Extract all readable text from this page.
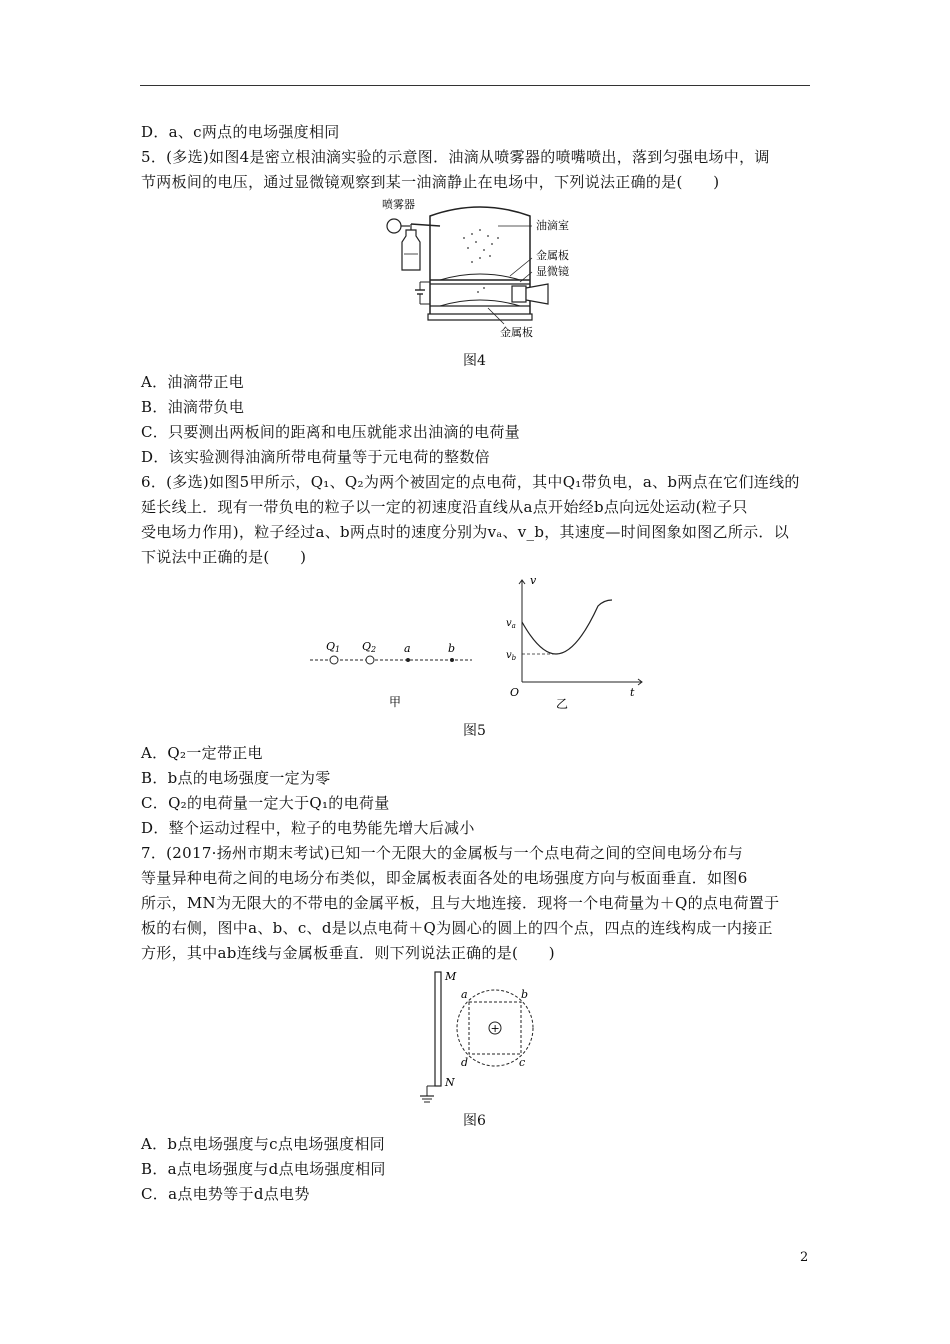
D．a、c两点的电场强度相同
5．(多选)如图4是密立根油滴实验的示意图．油滴从喷雾器的喷嘴喷出，落到匀强电场中，调
节两板间的电压，通过显微镜观察到某一油滴静止在电场中，下列说法正确的是(　　)
喷雾器
油滴室
金属板
显微镜
金属板
图4
A．油滴带正电
B．油滴带负电
C．只要测出两板间的距离和电压就能求出油滴的电荷量
D．该实验测得油滴所带电荷量等于元电荷的整数倍
6．(多选)如图5甲所示，Q₁、Q₂为两个被固定的点电荷，其中Q₁带负电，a、b两点在它们连线的
延长线上．现有一带负电的粒子以一定的初速度沿直线从a点开始经b点向远处运动(粒子只
受电场力作用)，粒子经过a、b两点时的速度分别为vₐ、v_b，其速度—时间图象如图乙所示．以
下说法中正确的是(　　)
Q1 Q2	a	b
甲
v
t
O
$v_a$
$v_b$
乙
图5
A．Q₂一定带正电
B．b点的电场强度一定为零
C．Q₂的电荷量一定大于Q₁的电荷量
D．整个运动过程中，粒子的电势能先增大后减小
7．(2017·扬州市期末考试)已知一个无限大的金属板与一个点电荷之间的空间电场分布与
等量异种电荷之间的电场分布类似，即金属板表面各处的电场强度方向与板面垂直．如图6
所示，MN为无限大的不带电的金属平板，且与大地连接．现将一个电荷量为＋Q的点电荷置于
板的右侧，图中a、b、c、d是以点电荷＋Q为圆心的圆上的四个点，四点的连线构成一内接正
方形，其中ab连线与金属板垂直．则下列说法正确的是(　　)
+
M
N
a	b
c
d
图6
A．b点电场强度与c点电场强度相同
B．a点电场强度与d点电场强度相同
C．a点电势等于d点电势
2
